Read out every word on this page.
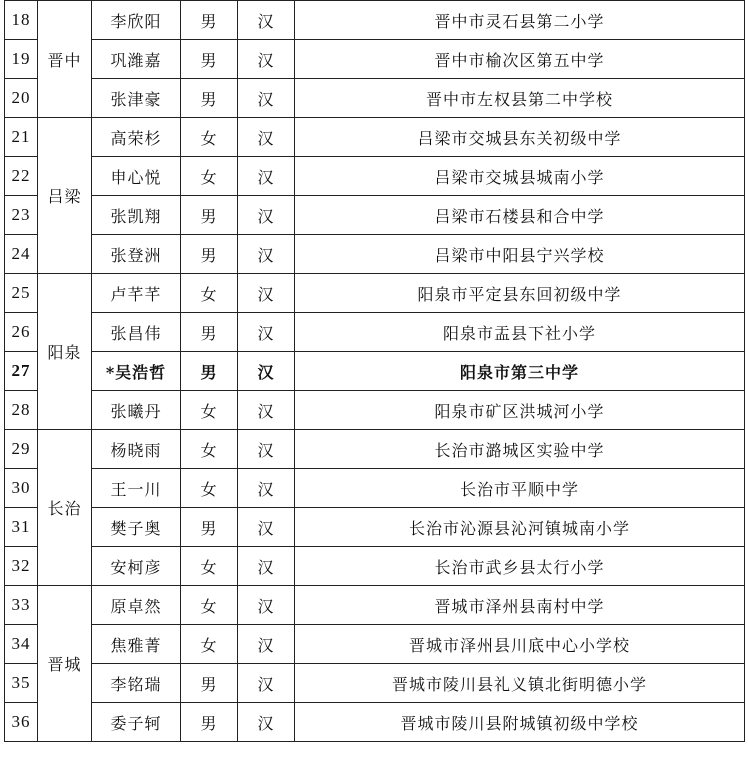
18	晋中	李欣阳	男	汉	晋中市灵石县第二小学
19		巩潍嘉	男	汉	晋中市榆次区第五中学
20		张津豪	男	汉	晋中市左权县第二中学校
21	吕梁	高荣杉	女	汉	吕梁市交城县东关初级中学
22		申心悦	女	汉	吕梁市交城县城南小学
23		张凯翔	男	汉	吕梁市石楼县和合中学
24		张登洲	男	汉	吕梁市中阳县宁兴学校
25	阳泉	卢芊芊	女	汉	阳泉市平定县东回初级中学
26		张昌伟	男	汉	阳泉市盂县下社小学
27		*吴浩哲	男	汉	阳泉市第三中学
28		张曦丹	女	汉	阳泉市矿区洪城河小学
29	长治	杨晓雨	女	汉	长治市潞城区实验中学
30		王一川	女	汉	长治市平顺中学
31		樊子奥	男	汉	长治市沁源县沁河镇城南小学
32		安柯彦	女	汉	长治市武乡县太行小学
33	晋城	原卓然	女	汉	晋城市泽州县南村中学
34		焦雅菁	女	汉	晋城市泽州县川底中心小学校
35		李铭瑞	男	汉	晋城市陵川县礼义镇北街明德小学
36		委子轲	男	汉	晋城市陵川县附城镇初级中学校
